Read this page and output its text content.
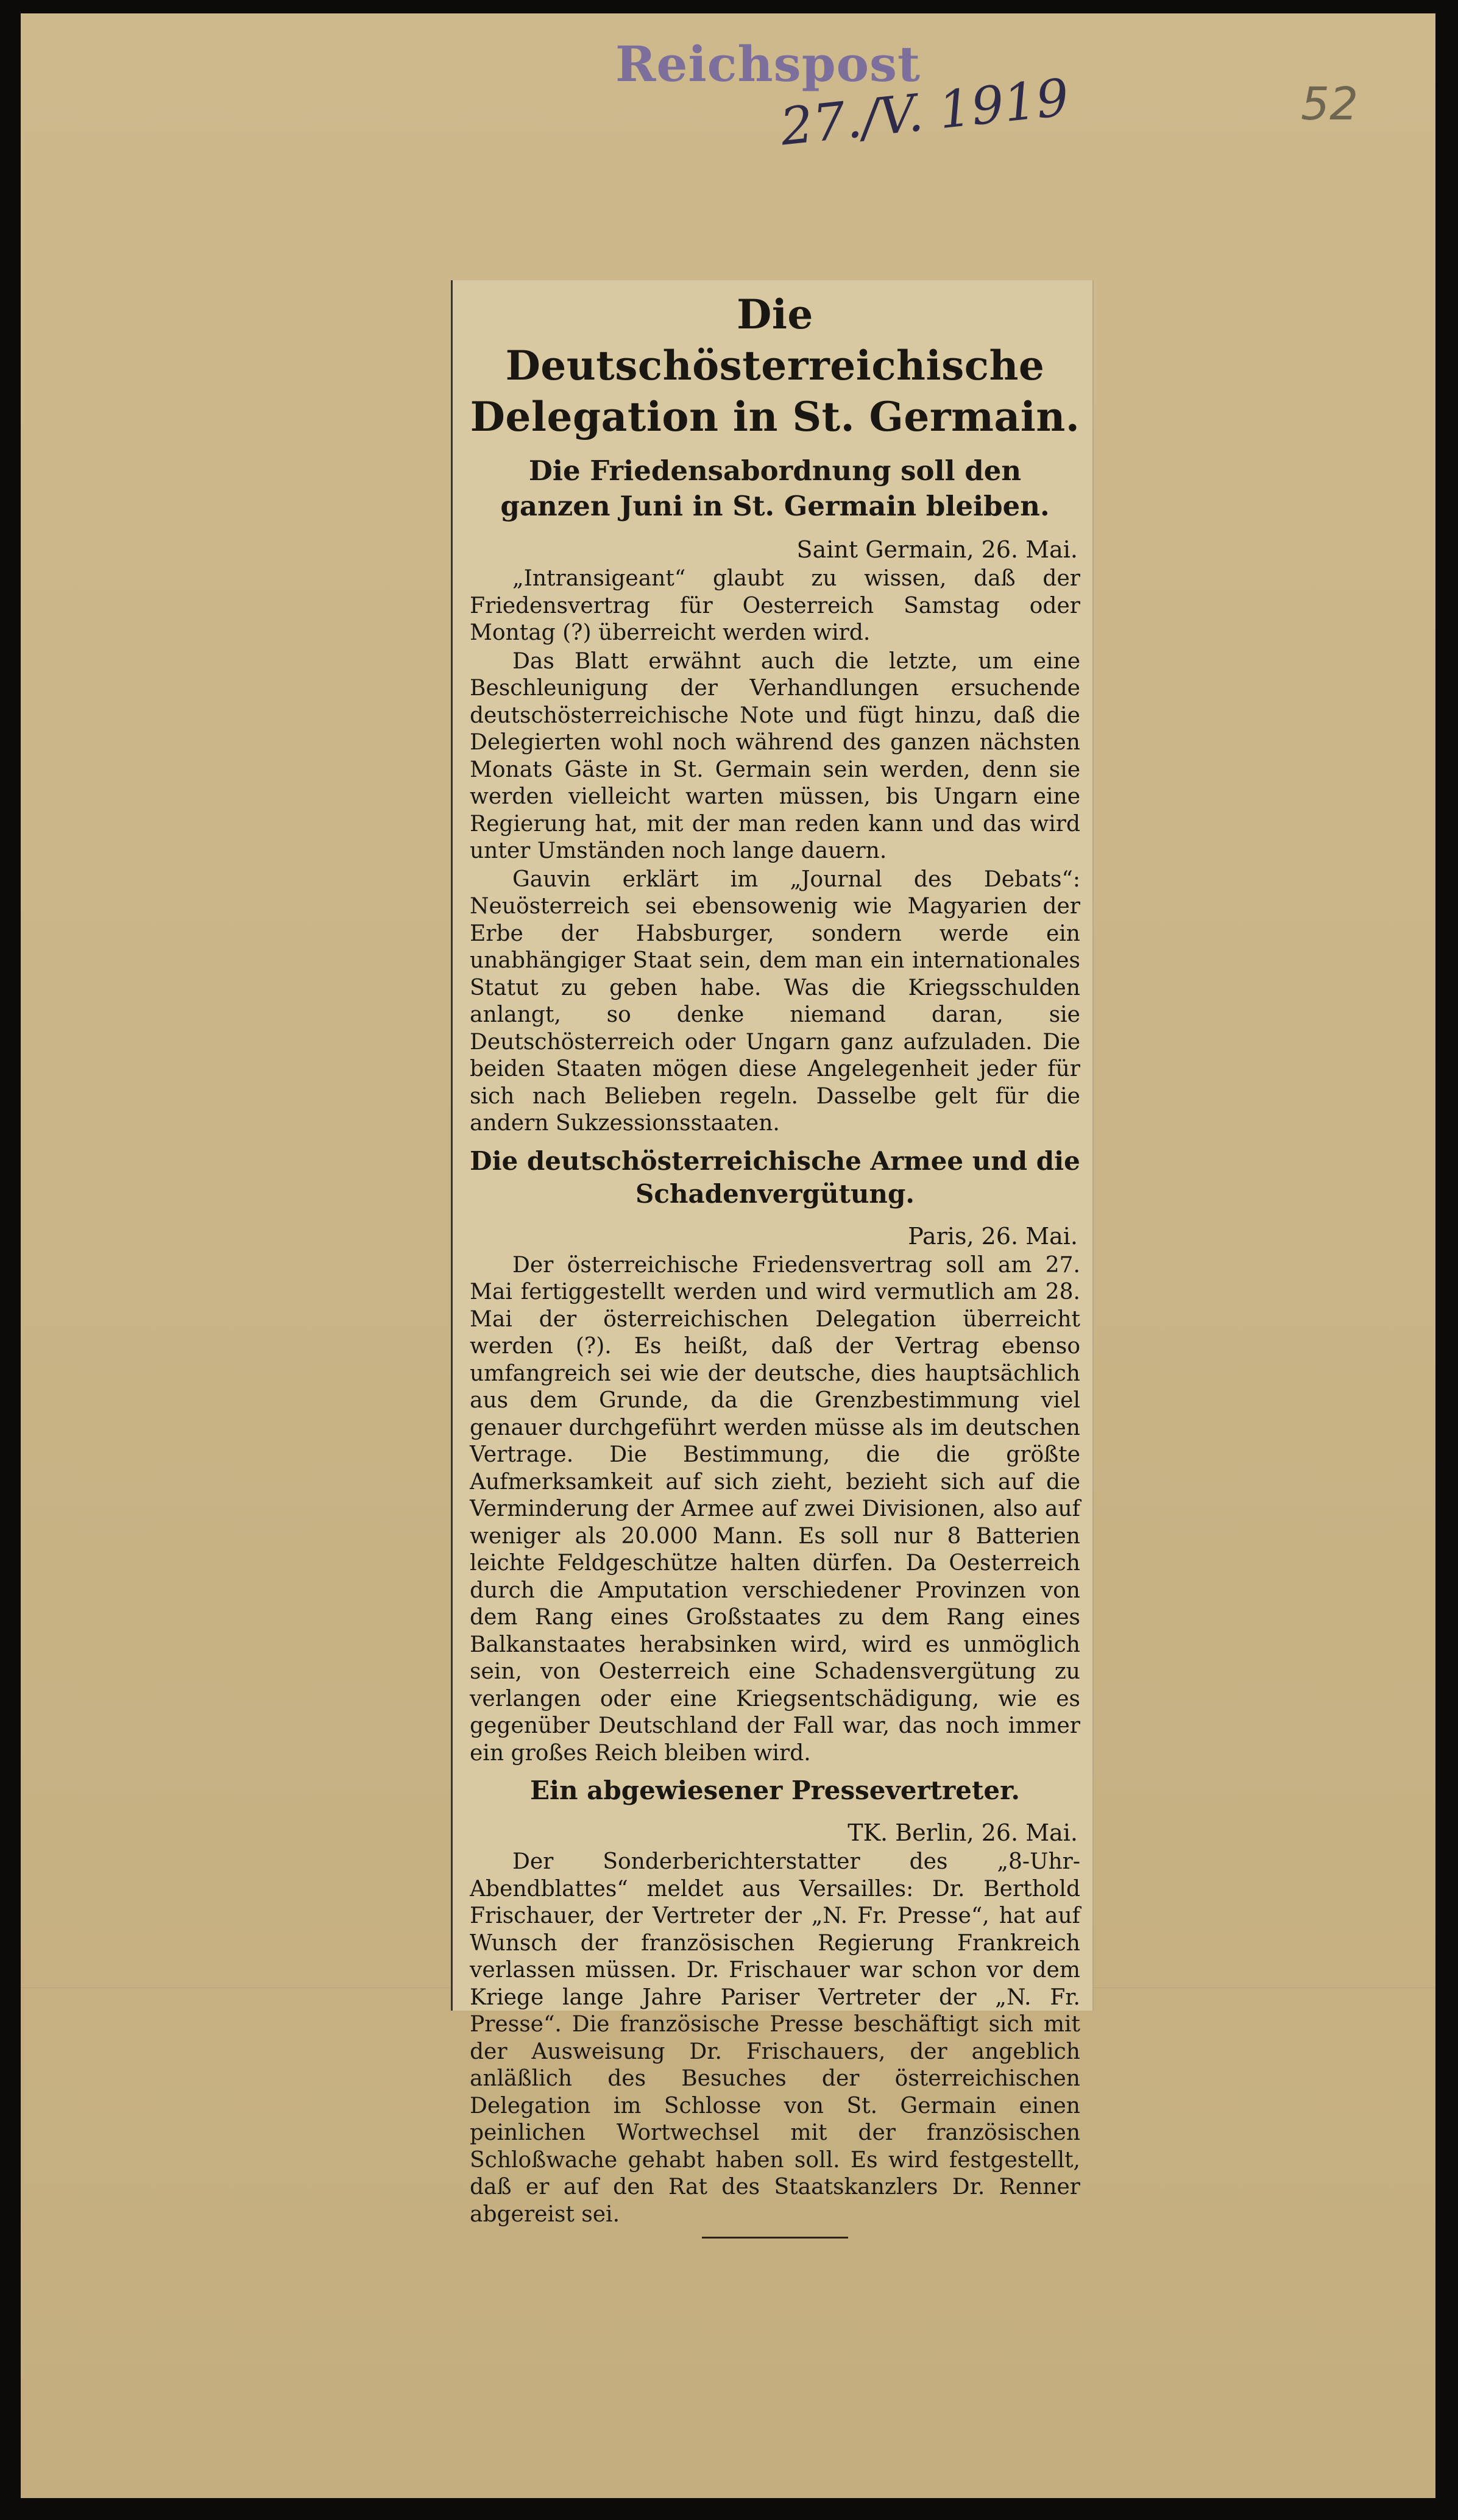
Reichspost
27./V. 1919	52
Die Deutschösterreichische Delegation in St. Germain.
Die Friedensabordnung soll den ganzen Juni in St. Germain bleiben.
Saint Germain, 26. Mai.

„Intransigeant“ glaubt zu wissen, daß der Friedensvertrag für Oesterreich Samstag oder Montag (?) überreicht werden wird.

Das Blatt erwähnt auch die letzte, um eine Beschleunigung der Verhandlungen ersuchende deutschösterreichische Note und fügt hinzu, daß die Delegierten wohl noch während des ganzen nächsten Monats Gäste in St. Germain sein werden, denn sie werden vielleicht warten müssen, bis Ungarn eine Regierung hat, mit der man reden kann und das wird unter Umständen noch lange dauern.

Gauvin erklärt im „Journal des Debats“: Neuösterreich sei ebensowenig wie Magyarien der Erbe der Habsburger, sondern werde ein unabhängiger Staat sein, dem man ein internationales Statut zu geben habe. Was die Kriegsschulden anlangt, so denke niemand daran, sie Deutschösterreich oder Ungarn ganz aufzuladen. Die beiden Staaten mögen diese Angelegenheit jeder für sich nach Belieben regeln. Dasselbe gelt für die andern Sukzessionsstaaten.

Die deutschösterreichische Armee und die Schadenvergütung.
Paris, 26. Mai.

Der österreichische Friedensvertrag soll am 27. Mai fertiggestellt werden und wird vermutlich am 28. Mai der österreichischen Delegation überreicht werden (?). Es heißt, daß der Vertrag ebenso umfangreich sei wie der deutsche, dies hauptsächlich aus dem Grunde, da die Grenzbestimmung viel genauer durchgeführt werden müsse als im deutschen Vertrage. Die Bestimmung, die die größte Aufmerksamkeit auf sich zieht, bezieht sich auf die Verminderung der Armee auf zwei Divisionen, also auf weniger als 20.000 Mann. Es soll nur 8 Batterien leichte Feldgeschütze halten dürfen. Da Oesterreich durch die Amputation verschiedener Provinzen von dem Rang eines Großstaates zu dem Rang eines Balkanstaates herabsinken wird, wird es unmöglich sein, von Oesterreich eine Schadensvergütung zu verlangen oder eine Kriegsentschädigung, wie es gegenüber Deutschland der Fall war, das noch immer ein großes Reich bleiben wird.

Ein abgewiesener Pressevertreter.
TK. Berlin, 26. Mai.

Der Sonderberichterstatter des „8-Uhr-Abendblattes“ meldet aus Versailles: Dr. Berthold Frischauer, der Vertreter der „N. Fr. Presse“, hat auf Wunsch der französischen Regierung Frankreich verlassen müssen. Dr. Frischauer war schon vor dem Kriege lange Jahre Pariser Vertreter der „N. Fr. Presse“. Die französische Presse beschäftigt sich mit der Ausweisung Dr. Frischauers, der angeblich anläßlich des Besuches der österreichischen Delegation im Schlosse von St. Germain einen peinlichen Wortwechsel mit der französischen Schloßwache gehabt haben soll. Es wird festgestellt, daß er auf den Rat des Staatskanzlers Dr. Renner abgereist sei.
